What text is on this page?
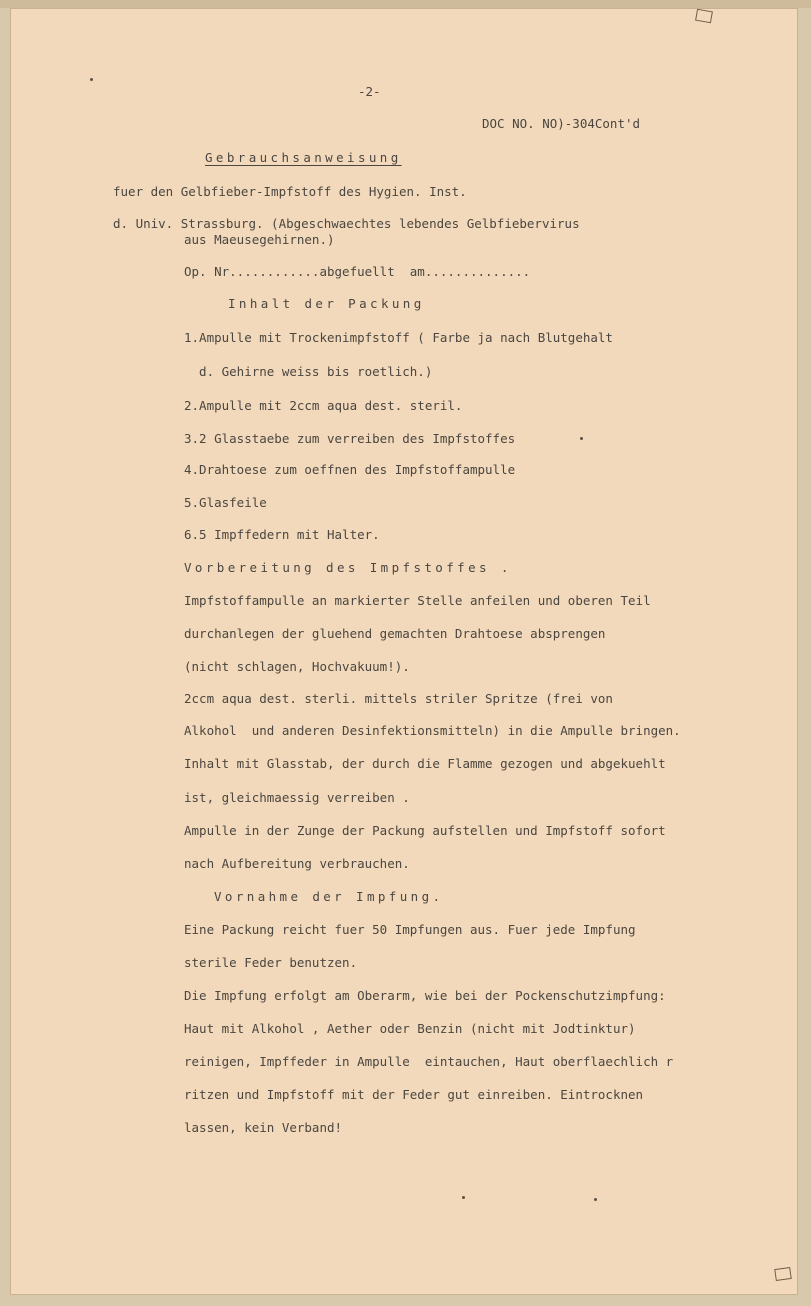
-2-
DOC NO. NO)-304Cont'd
Gebrauchsanweisung
fuer den Gelbfieber-Impfstoff des Hygien. Inst.
d. Univ. Strassburg. (Abgeschwaechtes lebendes Gelbfiebervirus
aus Maeusegehirnen.)
Op. Nr............abgefuellt  am..............
Inhalt der Packung
1.Ampulle mit Trockenimpfstoff ( Farbe ja nach Blutgehalt
d. Gehirne weiss bis roetlich.)
2.Ampulle mit 2ccm aqua dest. steril.
3.2 Glasstaebe zum verreiben des Impfstoffes
4.Drahtoese zum oeffnen des Impfstoffampulle
5.Glasfeile
6.5 Impffedern mit Halter.
Vorbereitung des Impfstoffes .
Impfstoffampulle an markierter Stelle anfeilen und oberen Teil
durchanlegen der gluehend gemachten Drahtoese absprengen
(nicht schlagen, Hochvakuum!).
2ccm aqua dest. sterli. mittels striler Spritze (frei von
Alkohol  und anderen Desinfektionsmitteln) in die Ampulle bringen.
Inhalt mit Glasstab, der durch die Flamme gezogen und abgekuehlt
ist, gleichmaessig verreiben .
Ampulle in der Zunge der Packung aufstellen und Impfstoff sofort
nach Aufbereitung verbrauchen.
Vornahme der Impfung.
Eine Packung reicht fuer 50 Impfungen aus. Fuer jede Impfung
sterile Feder benutzen.
Die Impfung erfolgt am Oberarm, wie bei der Pockenschutzimpfung:
Haut mit Alkohol , Aether oder Benzin (nicht mit Jodtinktur)
reinigen, Impffeder in Ampulle  eintauchen, Haut oberflaechlich r
ritzen und Impfstoff mit der Feder gut einreiben. Eintrocknen
lassen, kein Verband!
